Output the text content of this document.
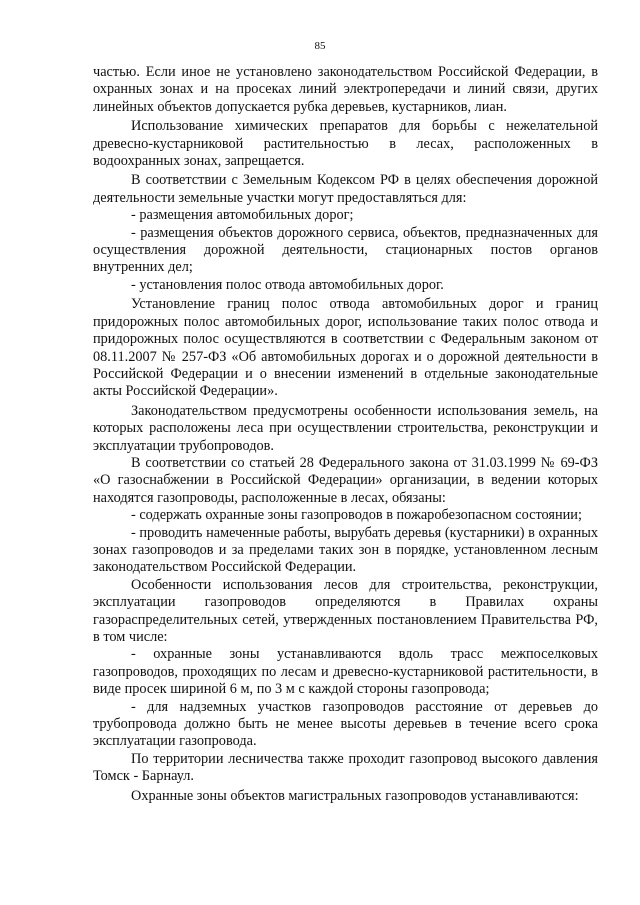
85

частью. Если иное не установлено законодательством Российской Федерации, в охранных зонах и на просеках линий электропередачи и линий связи, других линейных объектов допускается рубка деревьев, кустарников, лиан.

Использование химических препаратов для борьбы с нежелательной древесно-кустарниковой растительностью в лесах, расположенных в водоохранных зонах, запрещается.

В соответствии с Земельным Кодексом РФ в целях обеспечения дорожной деятельности земельные участки могут предоставляться для:

- размещения автомобильных дорог;

- размещения объектов дорожного сервиса, объектов, предназначенных для осуществления дорожной деятельности, стационарных постов органов внутренних дел;

- установления полос отвода автомобильных дорог.

Установление границ полос отвода автомобильных дорог и границ придорожных полос автомобильных дорог, использование таких полос отвода и придорожных полос осуществляются в соответствии с Федеральным законом от 08.11.2007 № 257-ФЗ «Об автомобильных дорогах и о дорожной деятельности в Российской Федерации и о внесении изменений в отдельные законодательные акты Российской Федерации».

Законодательством предусмотрены особенности использования земель, на которых расположены леса при осуществлении строительства, реконструкции и эксплуатации трубопроводов.

В соответствии со статьей 28 Федерального закона от 31.03.1999 № 69-ФЗ «О газоснабжении в Российской Федерации» организации, в ведении которых находятся газопроводы, расположенные в лесах, обязаны:

- содержать охранные зоны газопроводов в пожаробезопасном состоянии;

- проводить намеченные работы, вырубать деревья (кустарники) в охранных зонах газопроводов и за пределами таких зон в порядке, установленном лесным законодательством Российской Федерации.

Особенности использования лесов для строительства, реконструкции, эксплуатации газопроводов определяются в Правилах охраны газораспределительных сетей, утвержденных постановлением Правительства РФ, в том числе:

- охранные зоны устанавливаются вдоль трасс межпоселковых газопроводов, проходящих по лесам и древесно-кустарниковой растительности, в виде просек шириной 6 м, по 3 м с каждой стороны газопровода;

- для надземных участков газопроводов расстояние от деревьев до трубопровода должно быть не менее высоты деревьев в течение всего срока эксплуатации газопровода.

По территории лесничества также проходит газопровод высокого давления Томск - Барнаул.

Охранные зоны объектов магистральных газопроводов устанавливаются:
